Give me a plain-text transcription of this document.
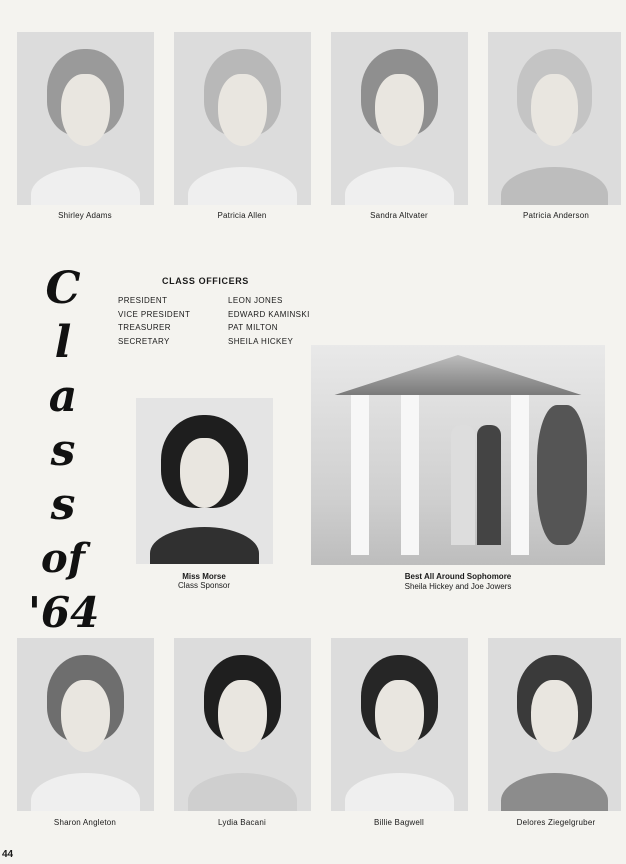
Shirley Adams	Patricia Allen	Sandra Altvater	Patricia Anderson
C
l
a
s
s
of
'64
CLASS OFFICERS
PRESIDENT	LEON JONES
VICE PRESIDENT	EDWARD KAMINSKI
TREASURER	PAT MILTON
SECRETARY	SHEILA HICKEY
Miss Morse
Class Sponsor
Best All Around Sophomore
Sheila Hickey and Joe Jowers
Sharon Angleton	Lydia Bacani	Billie Bagwell	Delores Ziegelgruber
44
